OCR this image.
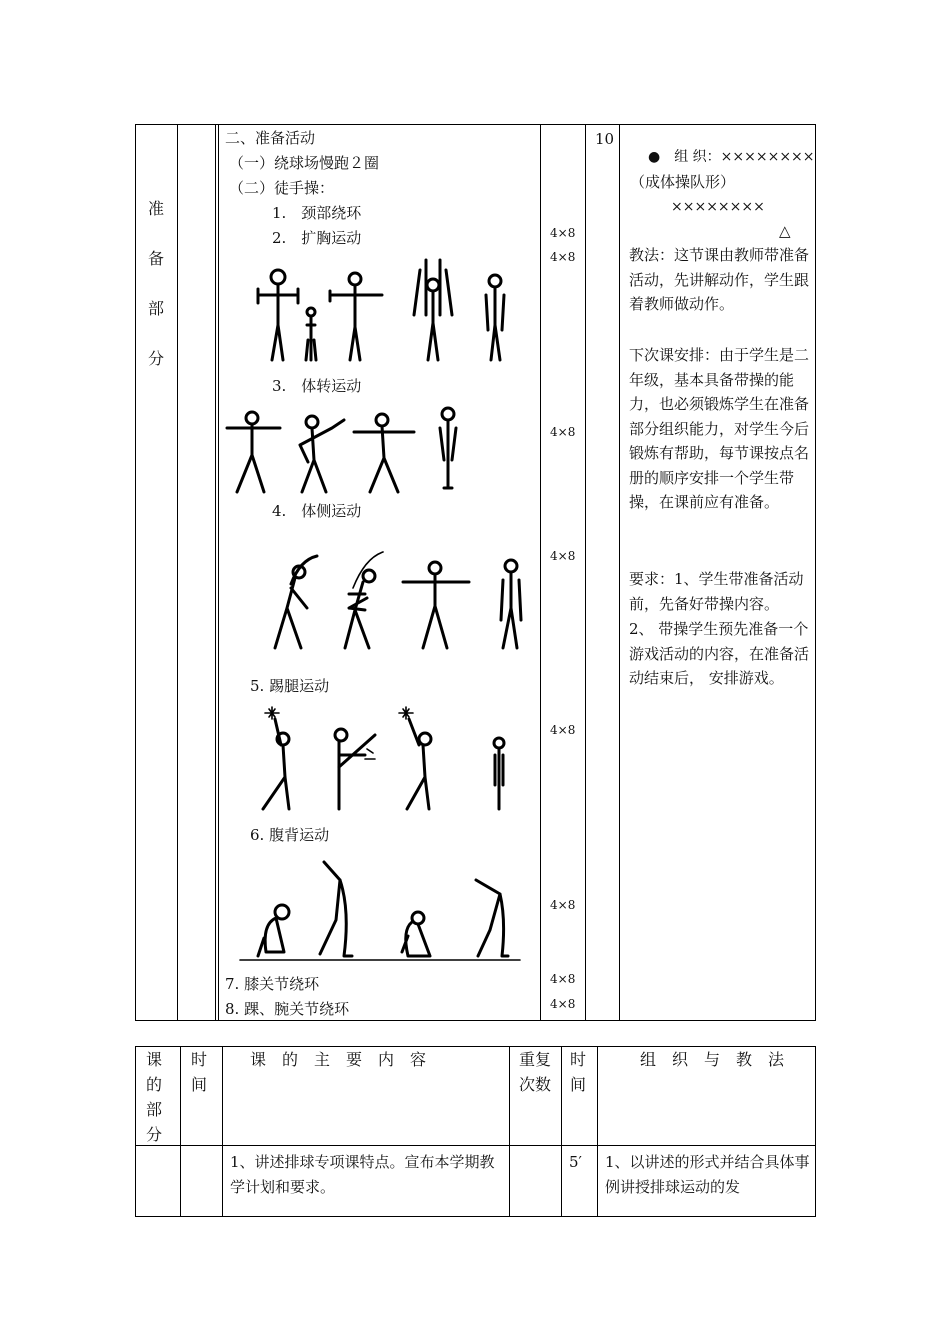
准
备
部
分
10
二、准备活动
（一）绕球场慢跑２圈
（二）徒手操：
1.　颈部绕环
2.　扩胸运动
3.　体转运动
4.　体侧运动
5. 踢腿运动
6. 腹背运动
7. 膝关节绕环
8. 踝、腕关节绕环
4×8
4×8
4×8
4×8
4×8
4×8
4×8
4×8
●　组 织：××××××××
（成体操队形）
××××××××
△
教法：这节课由教师带准备活动，先讲解动作，学生跟着教师做动作。
下次课安排：由于学生是二年级，基本具备带操的能力，也必须锻炼学生在准备部分组织能力，对学生今后锻炼有帮助，每节课按点名册的顺序安排一个学生带操，在课前应有准备。
要求：1、学生带准备活动前，先备好带操内容。
2、 带操学生预先准备一个游戏活动的内容，在准备活动结束后， 安排游戏。
课
的
部
分
时
间
课　的　主　要　内　容	重复
次数
时
间
组　织　与　教　法
1、讲述排球专项课特点。宣布本学期教学计划和要求。
5′ 1、以讲述的形式并结合具体事例讲授排球运动的发
